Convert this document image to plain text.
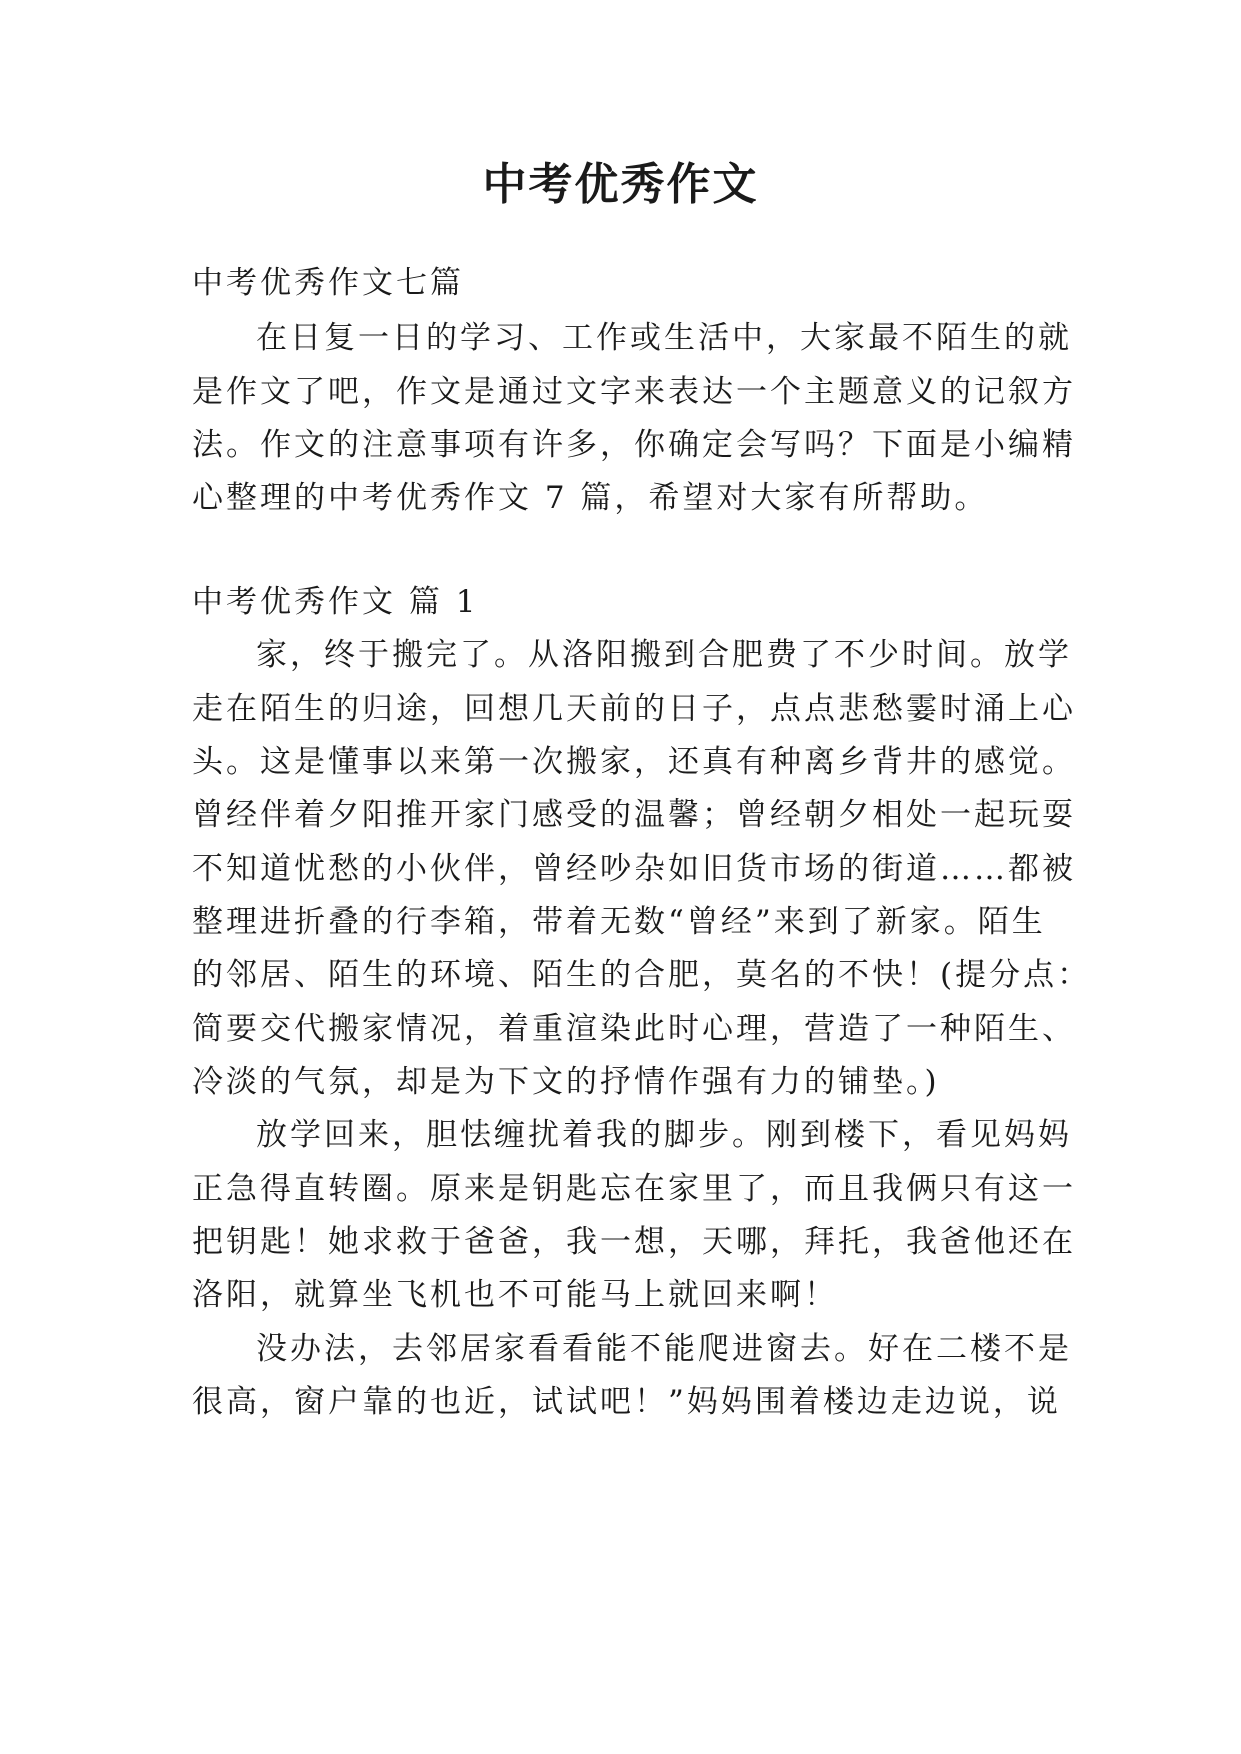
中考优秀作文
中考优秀作文七篇
在日复一日的学习、工作或生活中，大家最不陌生的就
是作文了吧，作文是通过文字来表达一个主题意义的记叙方
法。作文的注意事项有许多，你确定会写吗？下面是小编精
心整理的中考优秀作文 7 篇，希望对大家有所帮助。
中考优秀作文 篇 1
家，终于搬完了。从洛阳搬到合肥费了不少时间。放学
走在陌生的归途，回想几天前的日子，点点悲愁霎时涌上心
头。这是懂事以来第一次搬家，还真有种离乡背井的感觉。
曾经伴着夕阳推开家门感受的温馨；曾经朝夕相处一起玩耍
不知道忧愁的小伙伴，曾经吵杂如旧货市场的街道……都被
整理进折叠的行李箱，带着无数“曾经”来到了新家。陌生
的邻居、陌生的环境、陌生的合肥，莫名的不快！(提分点：
简要交代搬家情况，着重渲染此时心理，营造了一种陌生、
冷淡的气氛，却是为下文的抒情作强有力的铺垫。)
放学回来，胆怯缠扰着我的脚步。刚到楼下，看见妈妈
正急得直转圈。原来是钥匙忘在家里了，而且我俩只有这一
把钥匙！她求救于爸爸，我一想，天哪，拜托，我爸他还在
洛阳，就算坐飞机也不可能马上就回来啊！
没办法，去邻居家看看能不能爬进窗去。好在二楼不是
很高，窗户靠的也近，试试吧！”妈妈围着楼边走边说，说
